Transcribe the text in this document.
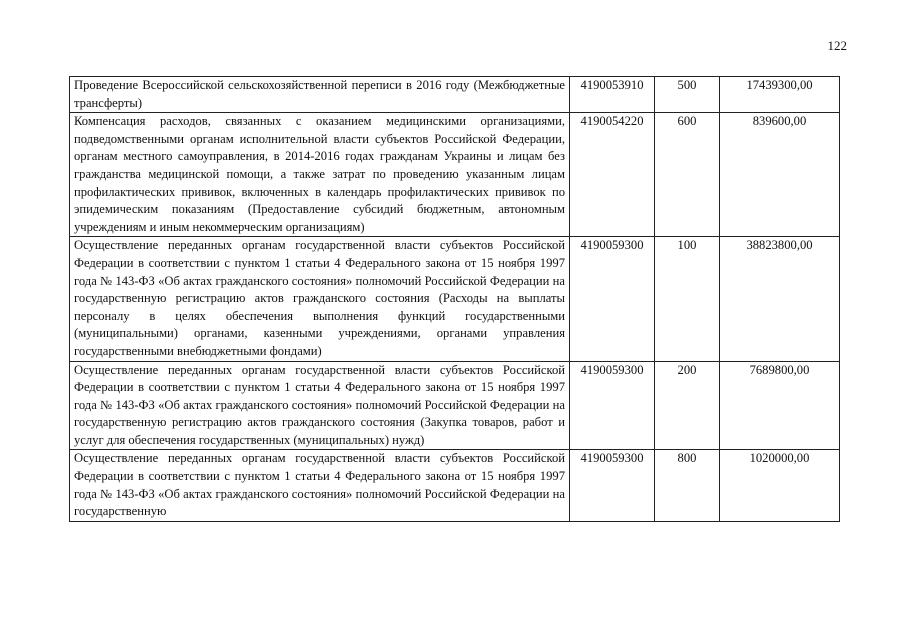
122
Проведение Всероссийской сельскохозяйственной переписи в 2016 году (Межбюджетные трансферты)	4190053910	500	17439300,00
Компенсация расходов, связанных с оказанием медицинскими организациями, подведомственными органам исполнительной власти субъектов Российской Федерации, органам местного самоуправления, в 2014-2016 годах гражданам Украины и лицам без гражданства медицинской помощи, а также затрат по проведению указанным лицам профилактических прививок, включенных в календарь профилактических прививок по эпидемическим показаниям (Предоставление субсидий бюджетным, автономным учреждениям и иным некоммерческим организациям)	4190054220	600	839600,00
Осуществление переданных органам государственной власти субъектов Российской Федерации в соответствии с пунктом 1 статьи 4 Федерального закона от 15 ноября 1997 года № 143-ФЗ «Об актах гражданского состояния» полномочий Российской Федерации на государственную регистрацию актов гражданского состояния (Расходы на выплаты персоналу в целях обеспечения выполнения функций государственными (муниципальными) органами, казенными учреждениями, органами управления государственными внебюджетными фондами)	4190059300	100	38823800,00
Осуществление переданных органам государственной власти субъектов Российской Федерации в соответствии с пунктом 1 статьи 4 Федерального закона от 15 ноября 1997 года № 143-ФЗ «Об актах гражданского состояния» полномочий Российской Федерации на государственную регистрацию актов гражданского состояния (Закупка товаров, работ и услуг для обеспечения государственных (муниципальных) нужд)	4190059300	200	7689800,00
Осуществление переданных органам государственной власти субъектов Российской Федерации в соответствии с пунктом 1 статьи 4 Федерального закона от 15 ноября 1997 года № 143-ФЗ «Об актах гражданского состояния» полномочий Российской Федерации на государственную	4190059300	800	1020000,00
